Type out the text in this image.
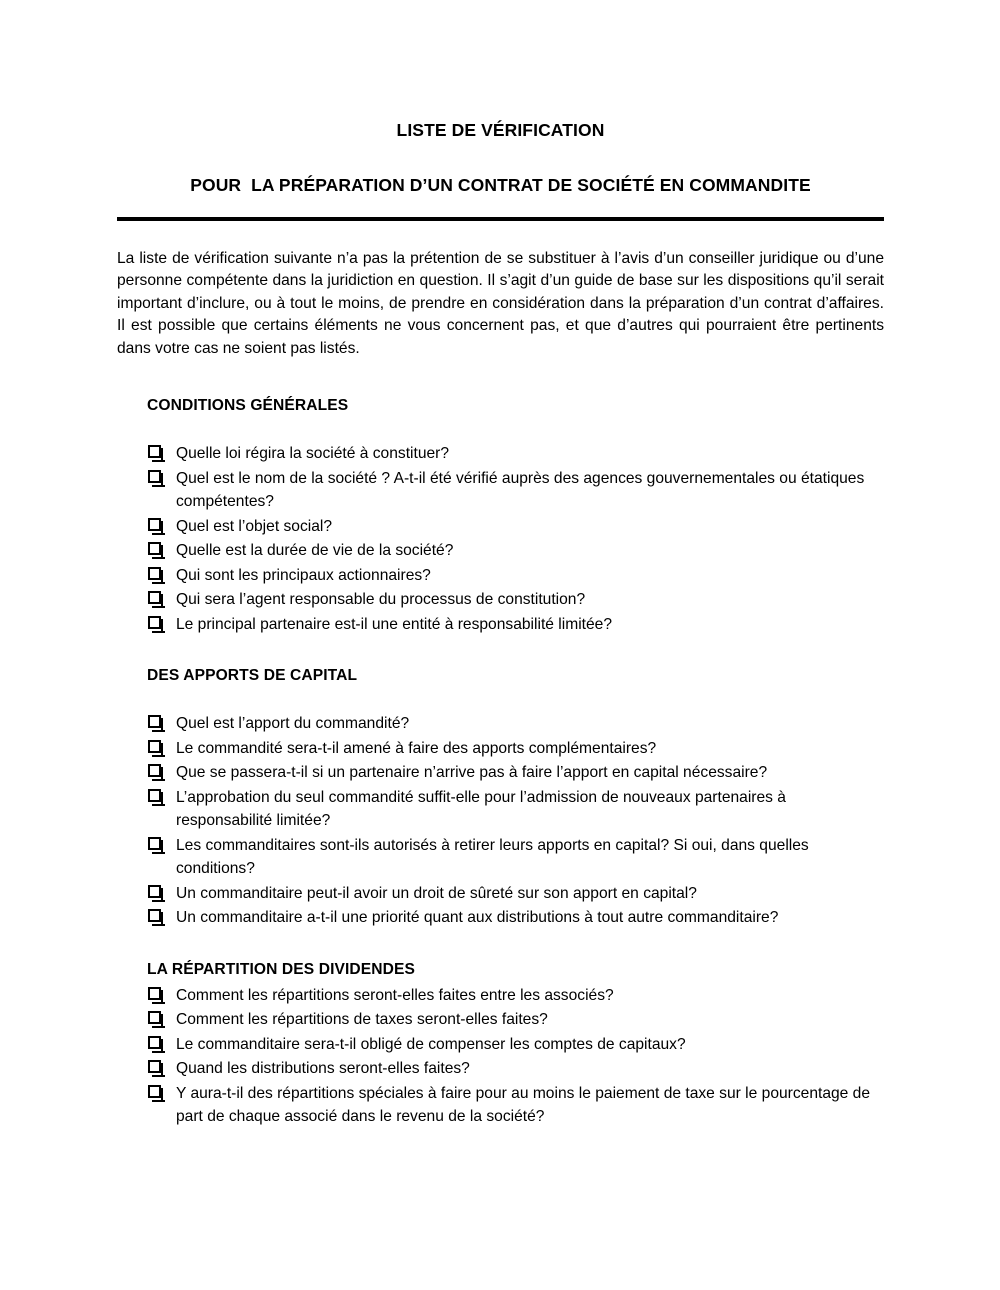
LISTE DE VÉRIFICATION
POUR  LA PRÉPARATION D’UN CONTRAT DE SOCIÉTÉ EN COMMANDITE

La liste de vérification suivante n’a pas la prétention de se substituer à l’avis d’un conseiller juridique ou d’une personne compétente dans la juridiction en question. Il s’agit d’un guide de base sur les dispositions qu’il serait important d’inclure, ou à tout le moins, de prendre en considération dans la préparation d’un contrat d’affaires. Il est possible que certains éléments ne vous concernent pas, et que d’autres qui pourraient être pertinents dans votre cas ne soient pas listés.

CONDITIONS GÉNÉRALES
Quelle loi régira la société à constituer?
Quel est le nom de la société ? A-t-il été vérifié auprès des agences gouvernementales ou étatiques compétentes?
Quel est l’objet social?
Quelle est la durée de vie de la société?
Qui sont les principaux actionnaires?
Qui sera l’agent responsable du processus de constitution?
Le principal partenaire est-il une entité à responsabilité limitée?
DES APPORTS DE CAPITAL
Quel est l’apport du commandité?
Le commandité sera-t-il amené à faire des apports complémentaires?
Que se passera-t-il si un partenaire n’arrive pas à faire l’apport en capital nécessaire?
L’approbation du seul commandité suffit-elle pour l’admission de nouveaux partenaires à responsabilité limitée?
Les commanditaires sont-ils autorisés à retirer leurs apports en capital? Si oui, dans quelles conditions?
Un commanditaire peut-il avoir un droit de sûreté sur son apport en capital?
Un commanditaire a-t-il une priorité quant aux distributions à tout autre commanditaire?
LA RÉPARTITION DES DIVIDENDES
Comment les répartitions seront-elles faites entre les associés?
Comment les répartitions de taxes seront-elles faites?
Le commanditaire sera-t-il obligé de compenser les comptes de capitaux?
Quand les distributions seront-elles faites?
Y aura-t-il des répartitions spéciales à faire pour au moins le paiement de taxe sur le pourcentage de part de chaque associé dans le revenu de la société?
